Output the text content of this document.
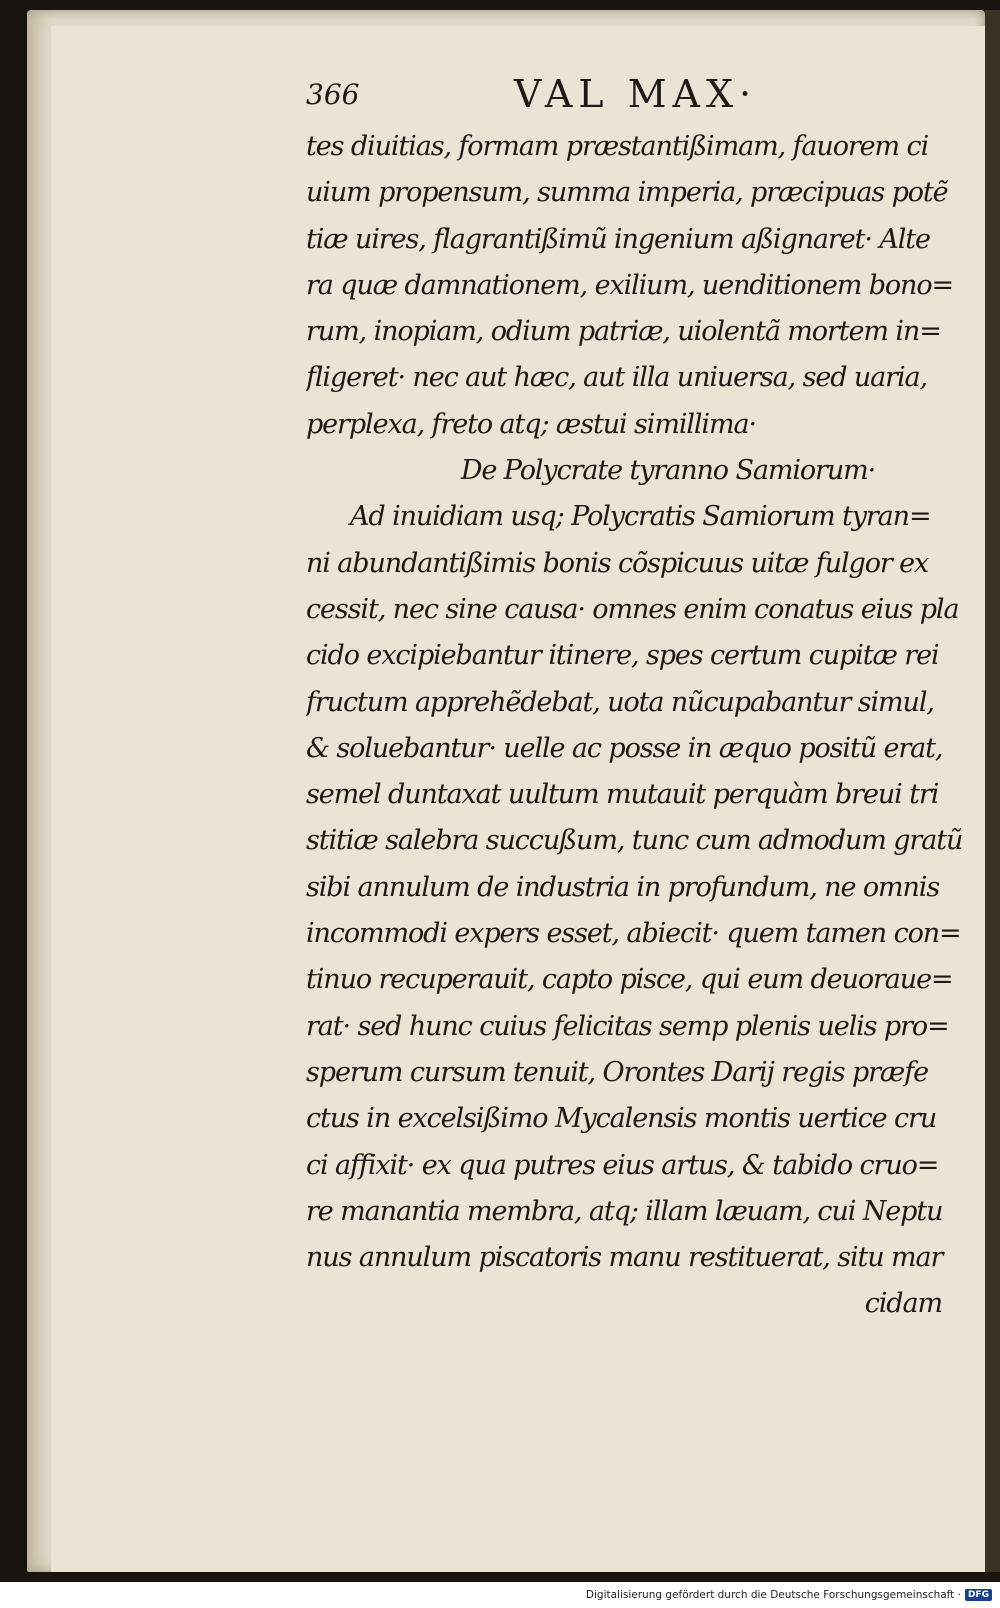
366	VAL MAX·
tes diuitias, formam præstantißimam, fauorem ci
uium propensum, summa imperia, præcipuas potẽ
tiæ uires, flagrantißimũ ingenium aßignaret· Alte
ra quæ damnationem, exilium, uenditionem bono=
rum, inopiam, odium patriæ, uiolentã mortem in=
fligeret· nec aut hæc, aut illa uniuersa, sed uaria,
perplexa, freto atq; æstui simillima·
De Polycrate tyranno Samiorum·
Ad inuidiam usq; Polycratis Samiorum tyran=
ni abundantißimis bonis cõspicuus uitæ fulgor ex
cessit, nec sine causa· omnes enim conatus eius pla
cido excipiebantur itinere, spes certum cupitæ rei
fructum apprehẽdebat, uota nũcupabantur simul,
& soluebantur· uelle ac posse in æquo positũ erat,
semel duntaxat uultum mutauit perquàm breui tri
stitiæ salebra succußum, tunc cum admodum gratũ
sibi annulum de industria in profundum, ne omnis
incommodi expers esset, abiecit· quem tamen con=
tinuo recuperauit, capto pisce, qui eum deuoraue=
rat· sed hunc cuius felicitas semp plenis uelis pro=
sperum cursum tenuit, Orontes Darij regis præfe
ctus in excelsißimo Mycalensis montis uertice cru
ci affixit· ex qua putres eius artus, & tabido cruo=
re manantia membra, atq; illam læuam, cui Neptu
nus annulum piscatoris manu restituerat, situ mar
cidam
Digitalisierung gefördert durch die Deutsche Forschungsgemeinschaft · DFG
